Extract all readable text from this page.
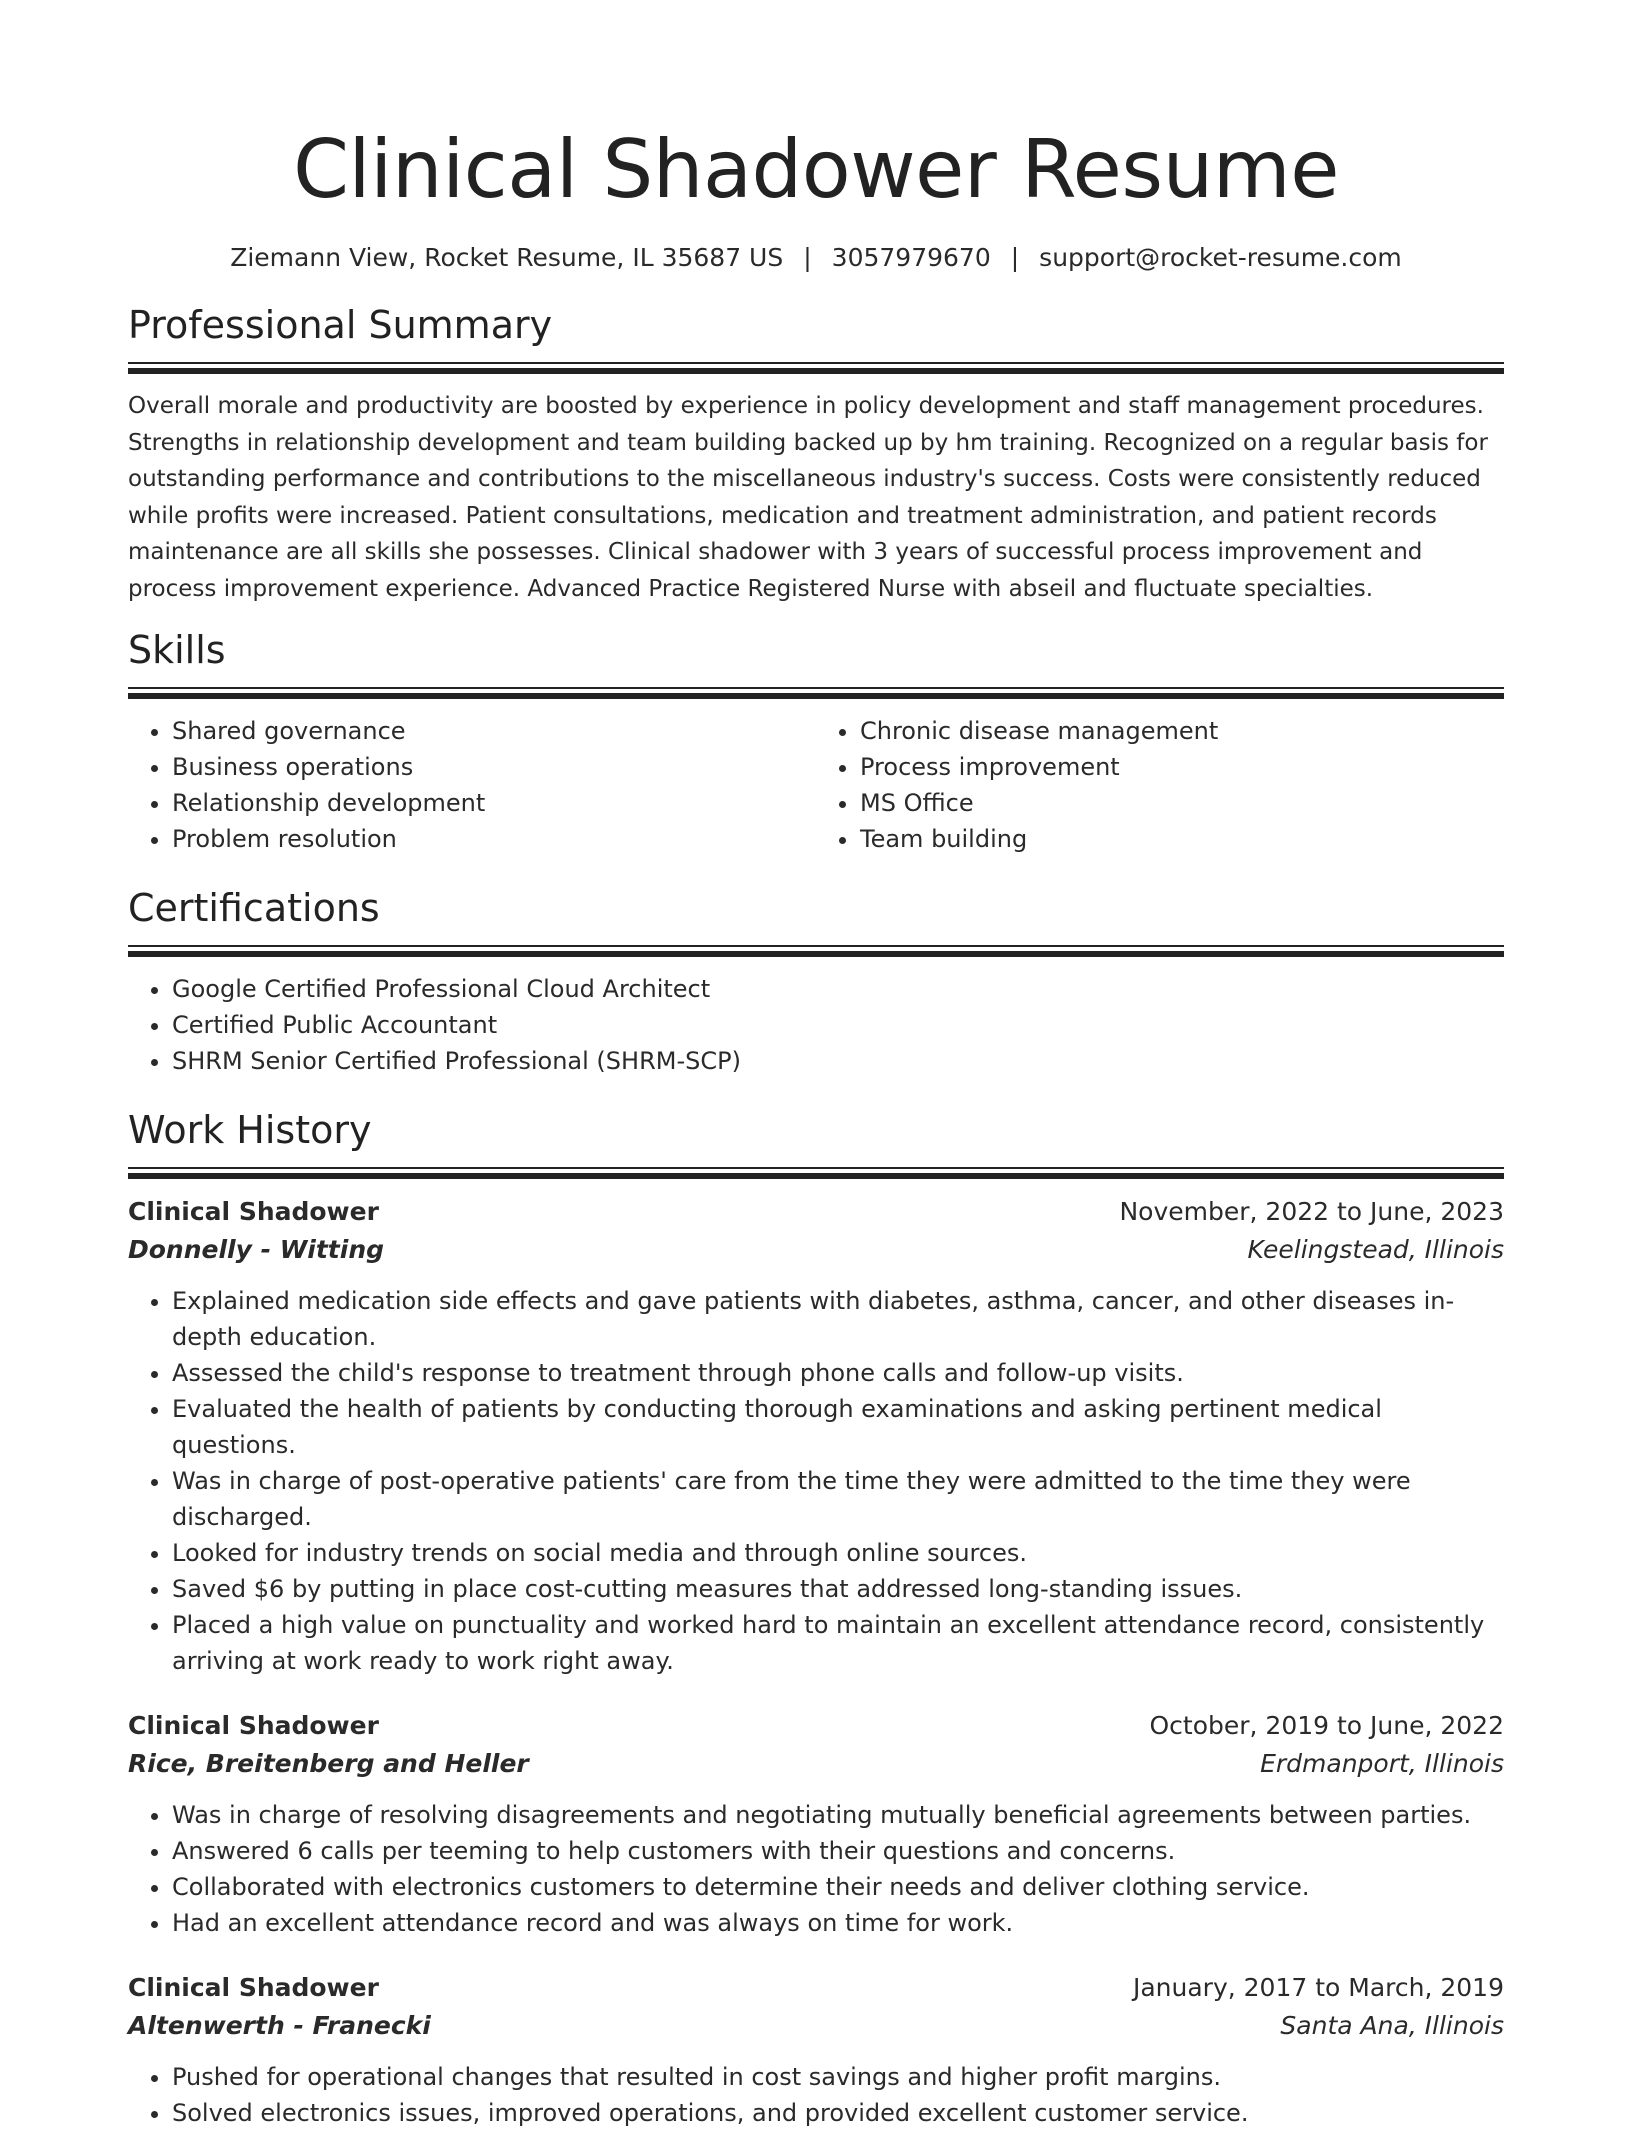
Clinical Shadower Resume
Ziemann View, Rocket Resume, IL 35687 US | 3057979670 | support@rocket-resume.com
Professional Summary

Overall morale and productivity are boosted by experience in policy development and staff management procedures. Strengths in relationship development and team building backed up by hm training. Recognized on a regular basis for outstanding performance and contributions to the miscellaneous industry's success. Costs were consistently reduced while profits were increased. Patient consultations, medication and treatment administration, and patient records maintenance are all skills she possesses. Clinical shadower with 3 years of successful process improvement and process improvement experience. Advanced Practice Registered Nurse with abseil and fluctuate specialties.

Skills
• Shared governance
• Business operations
• Relationship development
• Problem resolution
• Chronic disease management
• Process improvement
• MS Office
• Team building
Certifications
• Google Certified Professional Cloud Architect
• Certified Public Accountant
• SHRM Senior Certified Professional (SHRM-SCP)
Work History
Clinical Shadower	November, 2022 to June, 2023
Donnelly - Witting	Keelingstead, Illinois
• Explained medication side effects and gave patients with diabetes, asthma, cancer, and other diseases in-depth education.
• Assessed the child's response to treatment through phone calls and follow-up visits.
• Evaluated the health of patients by conducting thorough examinations and asking pertinent medical questions.
• Was in charge of post-operative patients' care from the time they were admitted to the time they were discharged.
• Looked for industry trends on social media and through online sources.
• Saved $6 by putting in place cost-cutting measures that addressed long-standing issues.
• Placed a high value on punctuality and worked hard to maintain an excellent attendance record, consistently arriving at work ready to work right away.
Clinical Shadower	October, 2019 to June, 2022
Rice, Breitenberg and Heller	Erdmanport, Illinois
• Was in charge of resolving disagreements and negotiating mutually beneficial agreements between parties.
• Answered 6 calls per teeming to help customers with their questions and concerns.
• Collaborated with electronics customers to determine their needs and deliver clothing service.
• Had an excellent attendance record and was always on time for work.
Clinical Shadower	January, 2017 to March, 2019
Altenwerth - Franecki	Santa Ana, Illinois
• Pushed for operational changes that resulted in cost savings and higher profit margins.
• Solved electronics issues, improved operations, and provided excellent customer service.
